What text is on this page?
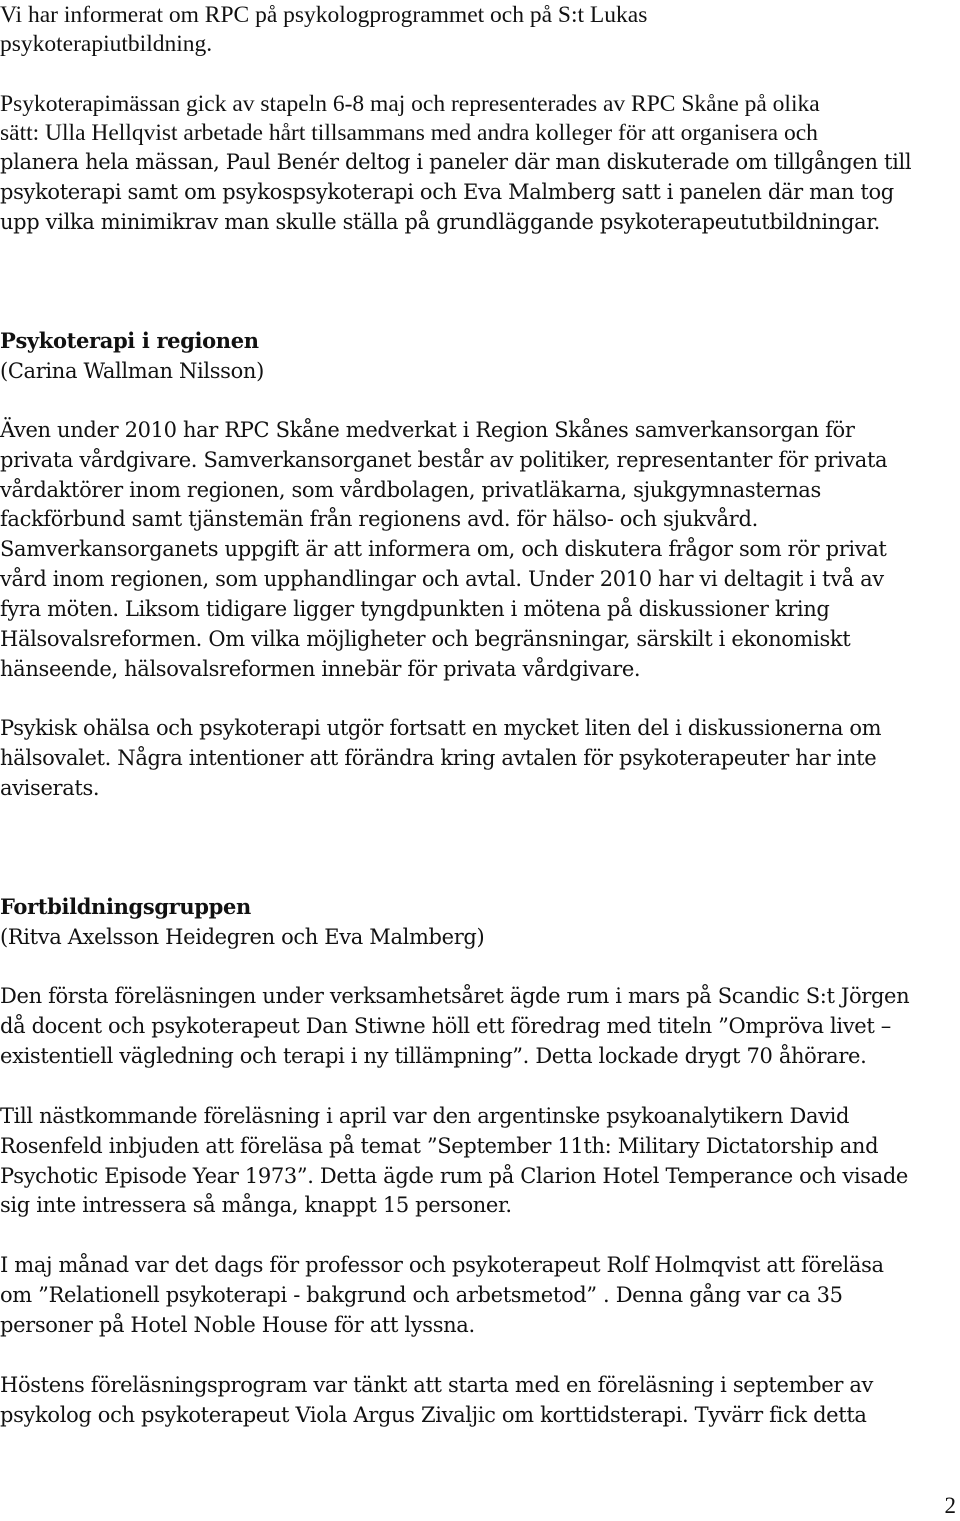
Vi har informerat om RPC på psykologprogrammet och på S:t Lukas
psykoterapiutbildning.
Psykoterapimässan gick av stapeln 6-8 maj och representerades av RPC Skåne på olika
sätt: Ulla Hellqvist arbetade hårt tillsammans med andra kolleger för att organisera och
planera hela mässan, Paul Benér deltog i paneler där man diskuterade om tillgången till
psykoterapi samt om psykospsykoterapi och Eva Malmberg satt i panelen där man tog
upp vilka minimikrav man skulle ställa på grundläggande psykoterapeututbildningar.
Psykoterapi i regionen
(Carina Wallman Nilsson)
Även under 2010 har RPC Skåne medverkat i Region Skånes samverkansorgan för
privata vårdgivare. Samverkansorganet består av politiker, representanter för privata
vårdaktörer inom regionen, som vårdbolagen, privatläkarna, sjukgymnasternas
fackförbund samt tjänstemän från regionens avd. för hälso- och sjukvård.
Samverkansorganets uppgift är att informera om, och diskutera frågor som rör privat
vård inom regionen, som upphandlingar och avtal. Under 2010 har vi deltagit i två av
fyra möten. Liksom tidigare ligger tyngdpunkten i mötena på diskussioner kring
Hälsovalsreformen. Om vilka möjligheter och begränsningar, särskilt i ekonomiskt
hänseende, hälsovalsreformen innebär för privata vårdgivare.
Psykisk ohälsa och psykoterapi utgör fortsatt en mycket liten del i diskussionerna om
hälsovalet. Några intentioner att förändra kring avtalen för psykoterapeuter har inte
aviserats.
Fortbildningsgruppen
(Ritva Axelsson Heidegren och Eva Malmberg)
Den första föreläsningen under verksamhetsåret ägde rum i mars på Scandic S:t Jörgen
då docent och psykoterapeut Dan Stiwne höll ett föredrag med titeln ”Ompröva livet –
existentiell vägledning och terapi i ny tillämpning”. Detta lockade drygt 70 åhörare.
Till nästkommande föreläsning i april var den argentinske psykoanalytikern David
Rosenfeld inbjuden att föreläsa på temat ”September 11th: Military Dictatorship and
Psychotic Episode Year 1973”. Detta ägde rum på Clarion Hotel Temperance och visade
sig inte intressera så många, knappt 15 personer.
I maj månad var det dags för professor och psykoterapeut Rolf Holmqvist att föreläsa
om ”Relationell psykoterapi - bakgrund och arbetsmetod” . Denna gång var ca 35
personer på Hotel Noble House för att lyssna.
Höstens föreläsningsprogram var tänkt att starta med en föreläsning i september av
psykolog och psykoterapeut Viola Argus Zivaljic om korttidsterapi. Tyvärr fick detta
2
